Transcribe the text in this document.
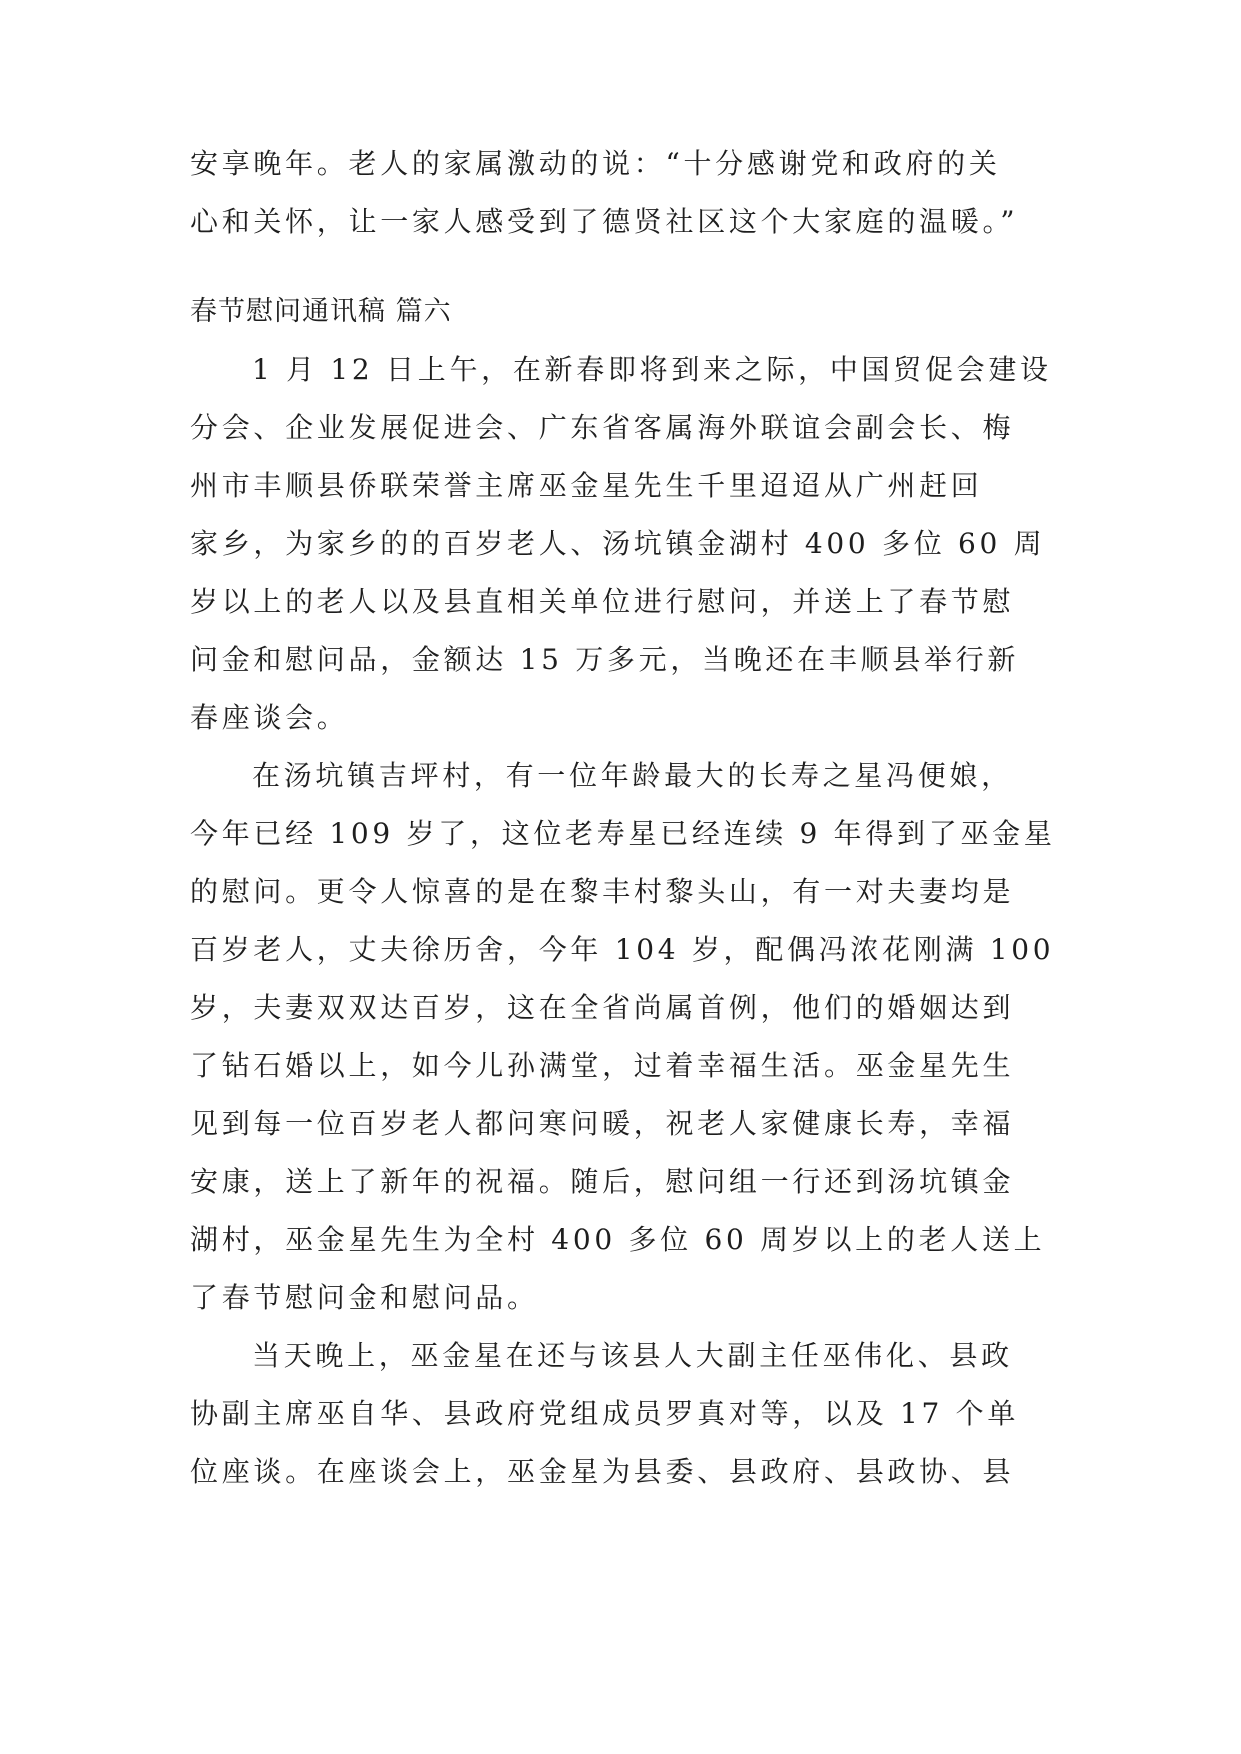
安享晚年。老人的家属激动的说：“十分感谢党和政府的关
心和关怀，让一家人感受到了德贤社区这个大家庭的温暖。”
春节慰问通讯稿 篇六
1 月 12 日上午，在新春即将到来之际，中国贸促会建设
分会、企业发展促进会、广东省客属海外联谊会副会长、梅
州市丰顺县侨联荣誉主席巫金星先生千里迢迢从广州赶回
家乡，为家乡的的百岁老人、汤坑镇金湖村 400 多位 60 周
岁以上的老人以及县直相关单位进行慰问，并送上了春节慰
问金和慰问品，金额达 15 万多元，当晚还在丰顺县举行新
春座谈会。
在汤坑镇吉坪村，有一位年龄最大的长寿之星冯便娘，
今年已经 109 岁了，这位老寿星已经连续 9 年得到了巫金星
的慰问。更令人惊喜的是在黎丰村黎头山，有一对夫妻均是
百岁老人，丈夫徐历舍，今年 104 岁，配偶冯浓花刚满 100
岁，夫妻双双达百岁，这在全省尚属首例，他们的婚姻达到
了钻石婚以上，如今儿孙满堂，过着幸福生活。巫金星先生
见到每一位百岁老人都问寒问暖，祝老人家健康长寿，幸福
安康，送上了新年的祝福。随后，慰问组一行还到汤坑镇金
湖村，巫金星先生为全村 400 多位 60 周岁以上的老人送上
了春节慰问金和慰问品。
当天晚上，巫金星在还与该县人大副主任巫伟化、县政
协副主席巫自华、县政府党组成员罗真对等，以及 17 个单
位座谈。在座谈会上，巫金星为县委、县政府、县政协、县
